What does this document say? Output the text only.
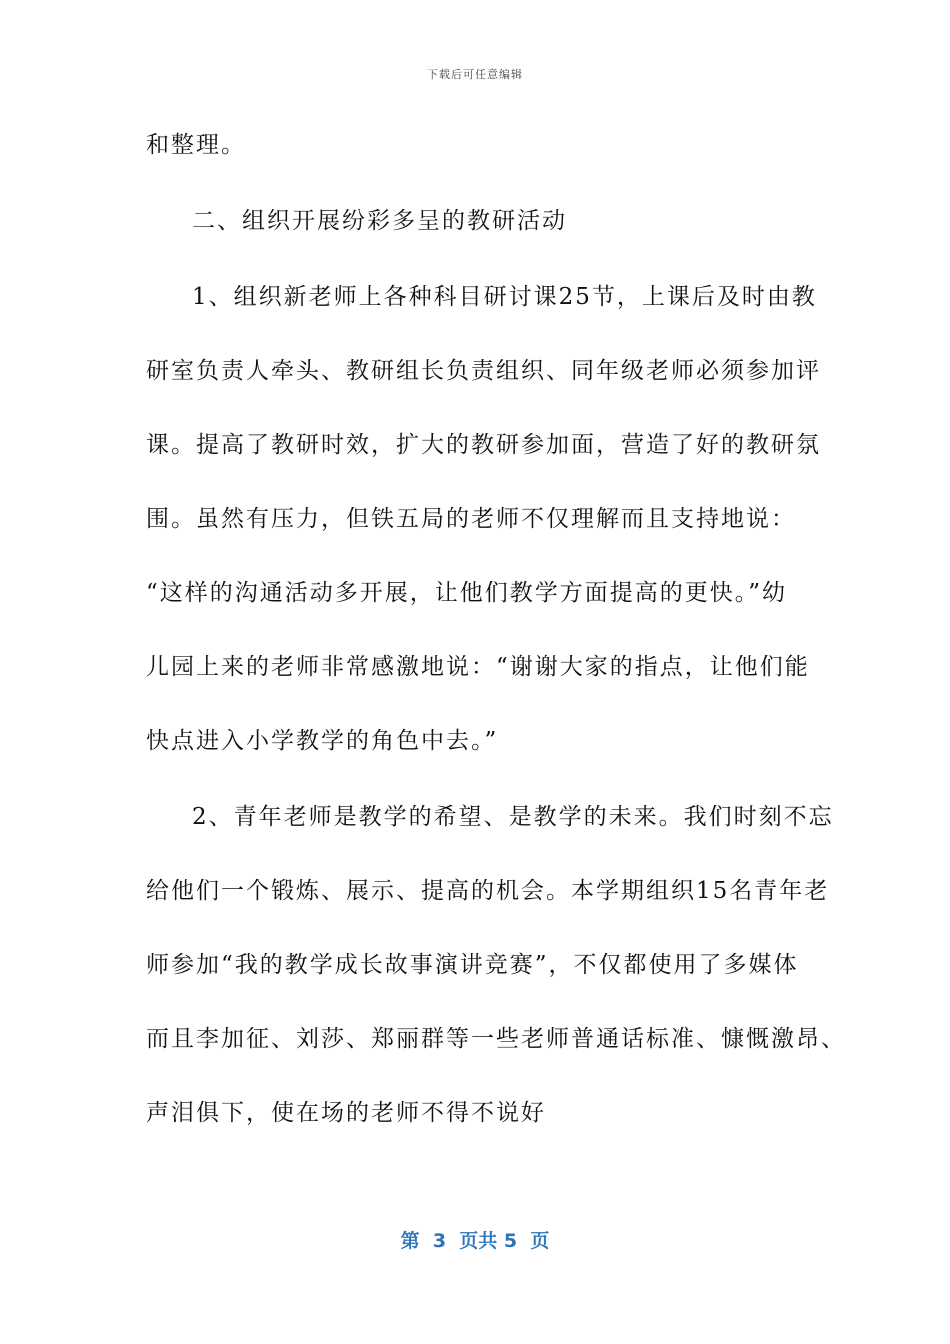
下载后可任意编辑
和整理。
二、组织开展纷彩多呈的教研活动
1、组织新老师上各种科目研讨课25节，上课后及时由教
研室负责人牵头、教研组长负责组织、同年级老师必须参加评
课。提高了教研时效，扩大的教研参加面，营造了好的教研氛
围。虽然有压力，但铁五局的老师不仅理解而且支持地说：
“这样的沟通活动多开展，让他们教学方面提高的更快。”幼
儿园上来的老师非常感激地说：“谢谢大家的指点，让他们能
快点进入小学教学的角色中去。”
2、青年老师是教学的希望、是教学的未来。我们时刻不忘
给他们一个锻炼、展示、提高的机会。本学期组织15名青年老
师参加“我的教学成长故事演讲竞赛”，不仅都使用了多媒体
而且李加征、刘莎、郑丽群等一些老师普通话标准、慷慨激昂、
声泪俱下，使在场的老师不得不说好
第  3  页共 5  页
